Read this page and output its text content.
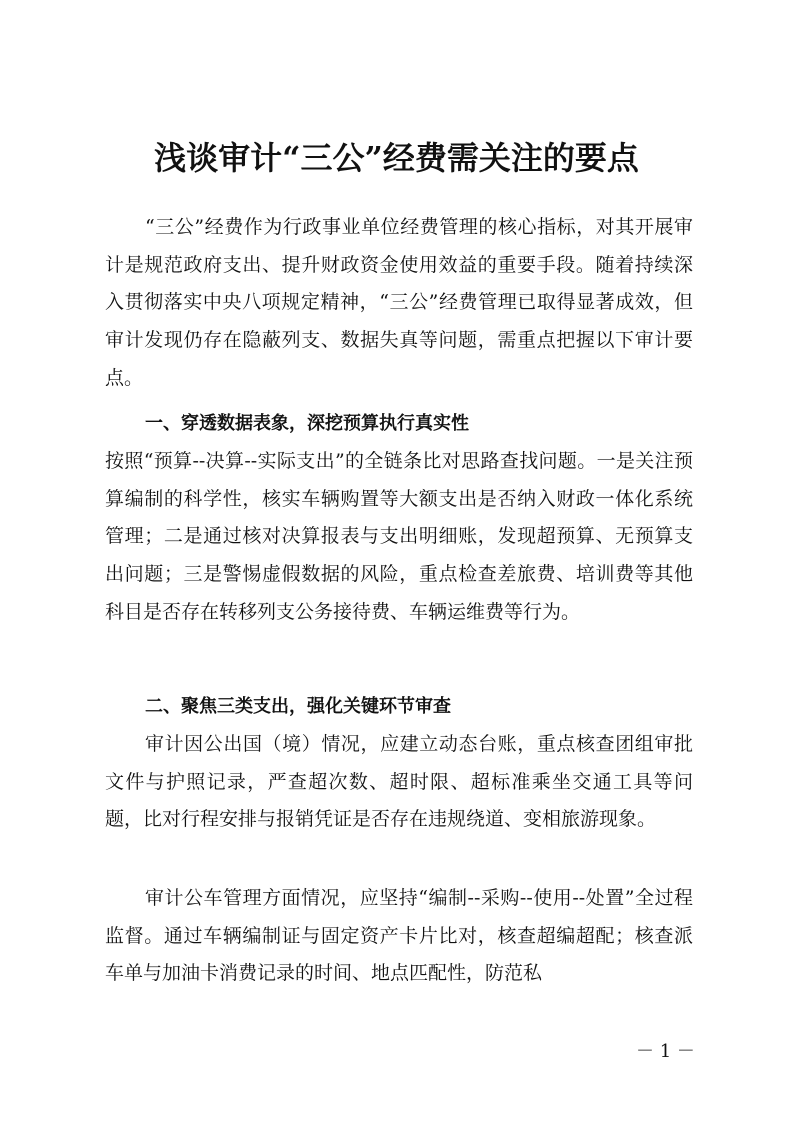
浅谈审计“三公”经费需关注的要点

“三公”经费作为行政事业单位经费管理的核心指标，对其开展审计是规范政府支出、提升财政资金使用效益的重要手段。随着持续深入贯彻落实中央八项规定精神，“三公”经费管理已取得显著成效，但审计发现仍存在隐蔽列支、数据失真等问题，需重点把握以下审计要点。

一、穿透数据表象，深挖预算执行真实性

按照“预算--决算--实际支出”的全链条比对思路查找问题。一是关注预算编制的科学性，核实车辆购置等大额支出是否纳入财政一体化系统管理；二是通过核对决算报表与支出明细账，发现超预算、无预算支出问题；三是警惕虚假数据的风险，重点检查差旅费、培训费等其他科目是否存在转移列支公务接待费、车辆运维费等行为。

二、聚焦三类支出，强化关键环节审查

审计因公出国（境）情况，应建立动态台账，重点核查团组审批文件与护照记录，严查超次数、超时限、超标准乘坐交通工具等问题，比对行程安排与报销凭证是否存在违规绕道、变相旅游现象。

审计公车管理方面情况，应坚持“编制--采购--使用--处置”全过程监督。通过车辆编制证与固定资产卡片比对，核查超编超配；核查派车单与加油卡消费记录的时间、地点匹配性，防范私

－ 1 －
